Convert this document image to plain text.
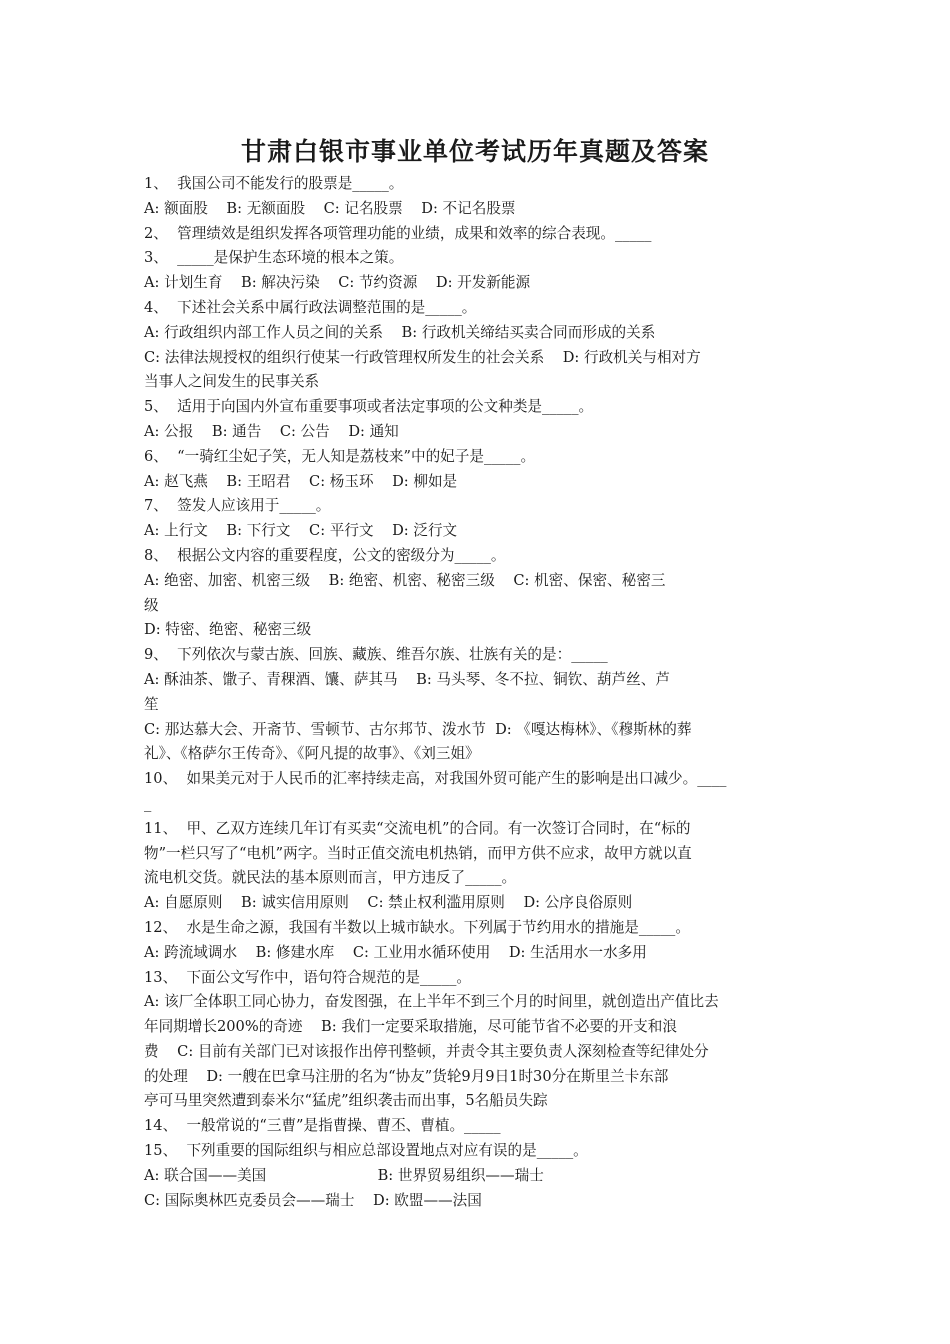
甘肃白银市事业单位考试历年真题及答案
1、  我国公司不能发行的股票是_____。
A: 额面股    B: 无额面股    C: 记名股票    D: 不记名股票
2、  管理绩效是组织发挥各项管理功能的业绩，成果和效率的综合表现。_____
3、  _____是保护生态环境的根本之策。
A: 计划生育    B: 解决污染    C: 节约资源    D: 开发新能源
4、  下述社会关系中属行政法调整范围的是_____。
A: 行政组织内部工作人员之间的关系    B: 行政机关缔结买卖合同而形成的关系
C: 法律法规授权的组织行使某一行政管理权所发生的社会关系    D: 行政机关与相对方
当事人之间发生的民事关系
5、  适用于向国内外宣布重要事项或者法定事项的公文种类是_____。
A: 公报    B: 通告    C: 公告    D: 通知
6、  “一骑红尘妃子笑，无人知是荔枝来”中的妃子是_____。
A: 赵飞燕    B: 王昭君    C: 杨玉环    D: 柳如是
7、  签发人应该用于_____。
A: 上行文    B: 下行文    C: 平行文    D: 泛行文
8、  根据公文内容的重要程度，公文的密级分为_____。
A: 绝密、加密、机密三级    B: 绝密、机密、秘密三级    C: 机密、保密、秘密三
级
D: 特密、绝密、秘密三级
9、  下列依次与蒙古族、回族、藏族、维吾尔族、壮族有关的是：_____
A: 酥油茶、馓子、青稞酒、馕、萨其马    B: 马头琴、冬不拉、铜钦、葫芦丝、芦
笙
C: 那达慕大会、开斋节、雪顿节、古尔邦节、泼水节  D: 《嘎达梅林》、《穆斯林的葬
礼》、《格萨尔王传奇》、《阿凡提的故事》、《刘三姐》
10、  如果美元对于人民币的汇率持续走高，对我国外贸可能产生的影响是出口减少。____
_
11、  甲、乙双方连续几年订有买卖“交流电机”的合同。有一次签订合同时，在“标的
物”一栏只写了“电机”两字。当时正值交流电机热销，而甲方供不应求，故甲方就以直
流电机交货。就民法的基本原则而言，甲方违反了_____。
A: 自愿原则    B: 诚实信用原则    C: 禁止权利滥用原则    D: 公序良俗原则
12、  水是生命之源，我国有半数以上城市缺水。下列属于节约用水的措施是_____。
A: 跨流域调水    B: 修建水库    C: 工业用水循环使用    D: 生活用水一水多用
13、  下面公文写作中，语句符合规范的是_____。
A: 该厂全体职工同心协力，奋发图强，在上半年不到三个月的时间里，就创造出产值比去
年同期增长200%的奇迹    B: 我们一定要采取措施，尽可能节省不必要的开支和浪
费    C: 目前有关部门已对该报作出停刊整顿，并责令其主要负责人深刻检查等纪律处分
的处理    D: 一艘在巴拿马注册的名为“协友”货轮9月9日1时30分在斯里兰卡东部
亭可马里突然遭到泰米尔“猛虎”组织袭击而出事，5名船员失踪
14、  一般常说的“三曹”是指曹操、曹丕、曹植。_____
15、  下列重要的国际组织与相应总部设置地点对应有误的是_____。
A: 联合国——美国                        B: 世界贸易组织——瑞士
C: 国际奥林匹克委员会——瑞士    D: 欧盟——法国
